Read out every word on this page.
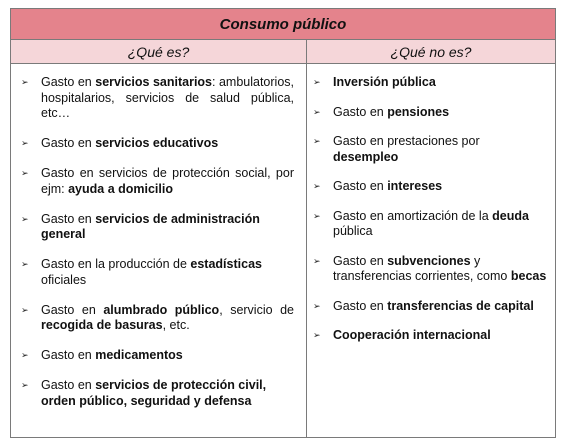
Consumo público
¿Qué es?	¿Qué no es?
➢ Gasto en servicios sanitarios: ambulatorios, hospitalarios, servicios de salud pública, etc…
➢ Gasto en servicios educativos
➢ Gasto en servicios de protección social, por ejm: ayuda a domicilio
➢ Gasto en servicios de administración general
➢ Gasto en la producción de estadísticas oficiales
➢ Gasto en alumbrado público, servicio de recogida de basuras, etc.
➢ Gasto en medicamentos
➢ Gasto en servicios de protección civil, orden público, seguridad y defensa
➢ Inversión pública
➢ Gasto en pensiones
➢ Gasto en prestaciones por desempleo
➢ Gasto en intereses
➢ Gasto en amortización de la deuda pública
➢ Gasto en subvenciones y transferencias corrientes, como becas
➢ Gasto en transferencias de capital
➢ Cooperación internacional
